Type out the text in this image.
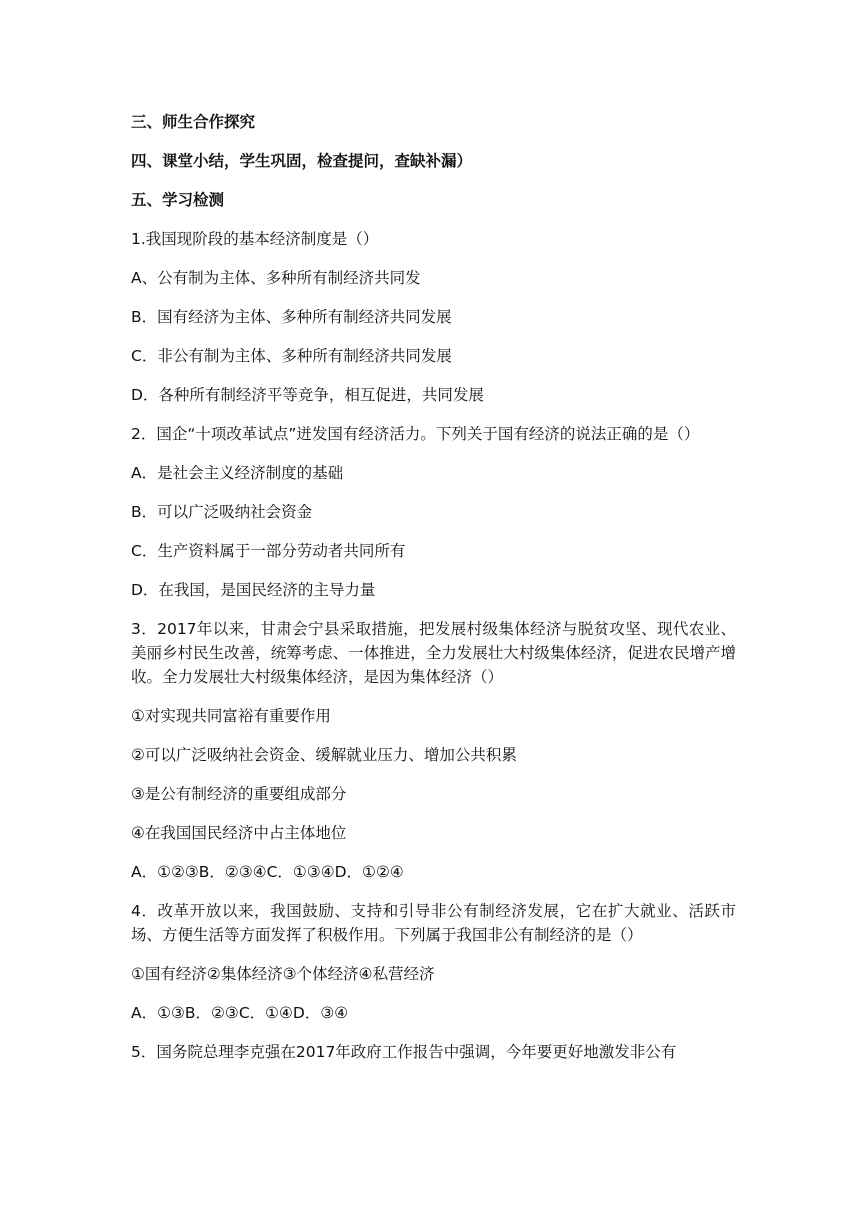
三、师生合作探究
四、课堂小结，学生巩固，检查提问，查缺补漏）
五、学习检测
1.我国现阶段的基本经济制度是（）
A、公有制为主体、多种所有制经济共同发
B．国有经济为主体、多种所有制经济共同发展
C．非公有制为主体、多种所有制经济共同发展
D．各种所有制经济平等竞争，相互促进，共同发展
2．国企“十项改革试点”迸发国有经济活力。下列关于国有经济的说法正确的是（）
A．是社会主义经济制度的基础
B．可以广泛吸纳社会资金
C．生产资料属于一部分劳动者共同所有
D．在我国，是国民经济的主导力量
3．2017年以来，甘肃会宁县采取措施，把发展村级集体经济与脱贫攻坚、现代农业、美丽乡村民生改善，统筹考虑、一体推进，全力发展壮大村级集体经济，促进农民增产增收。全力发展壮大村级集体经济，是因为集体经济（）
①对实现共同富裕有重要作用
②可以广泛吸纳社会资金、缓解就业压力、增加公共积累
③是公有制经济的重要组成部分
④在我国国民经济中占主体地位
A．①②③B．②③④C．①③④D．①②④
4．改革开放以来，我国鼓励、支持和引导非公有制经济发展，它在扩大就业、活跃市场、方便生活等方面发挥了积极作用。下列属于我国非公有制经济的是（）
①国有经济②集体经济③个体经济④私营经济
A．①③B．②③C．①④D．③④
5．国务院总理李克强在2017年政府工作报告中强调，今年要更好地激发非公有
